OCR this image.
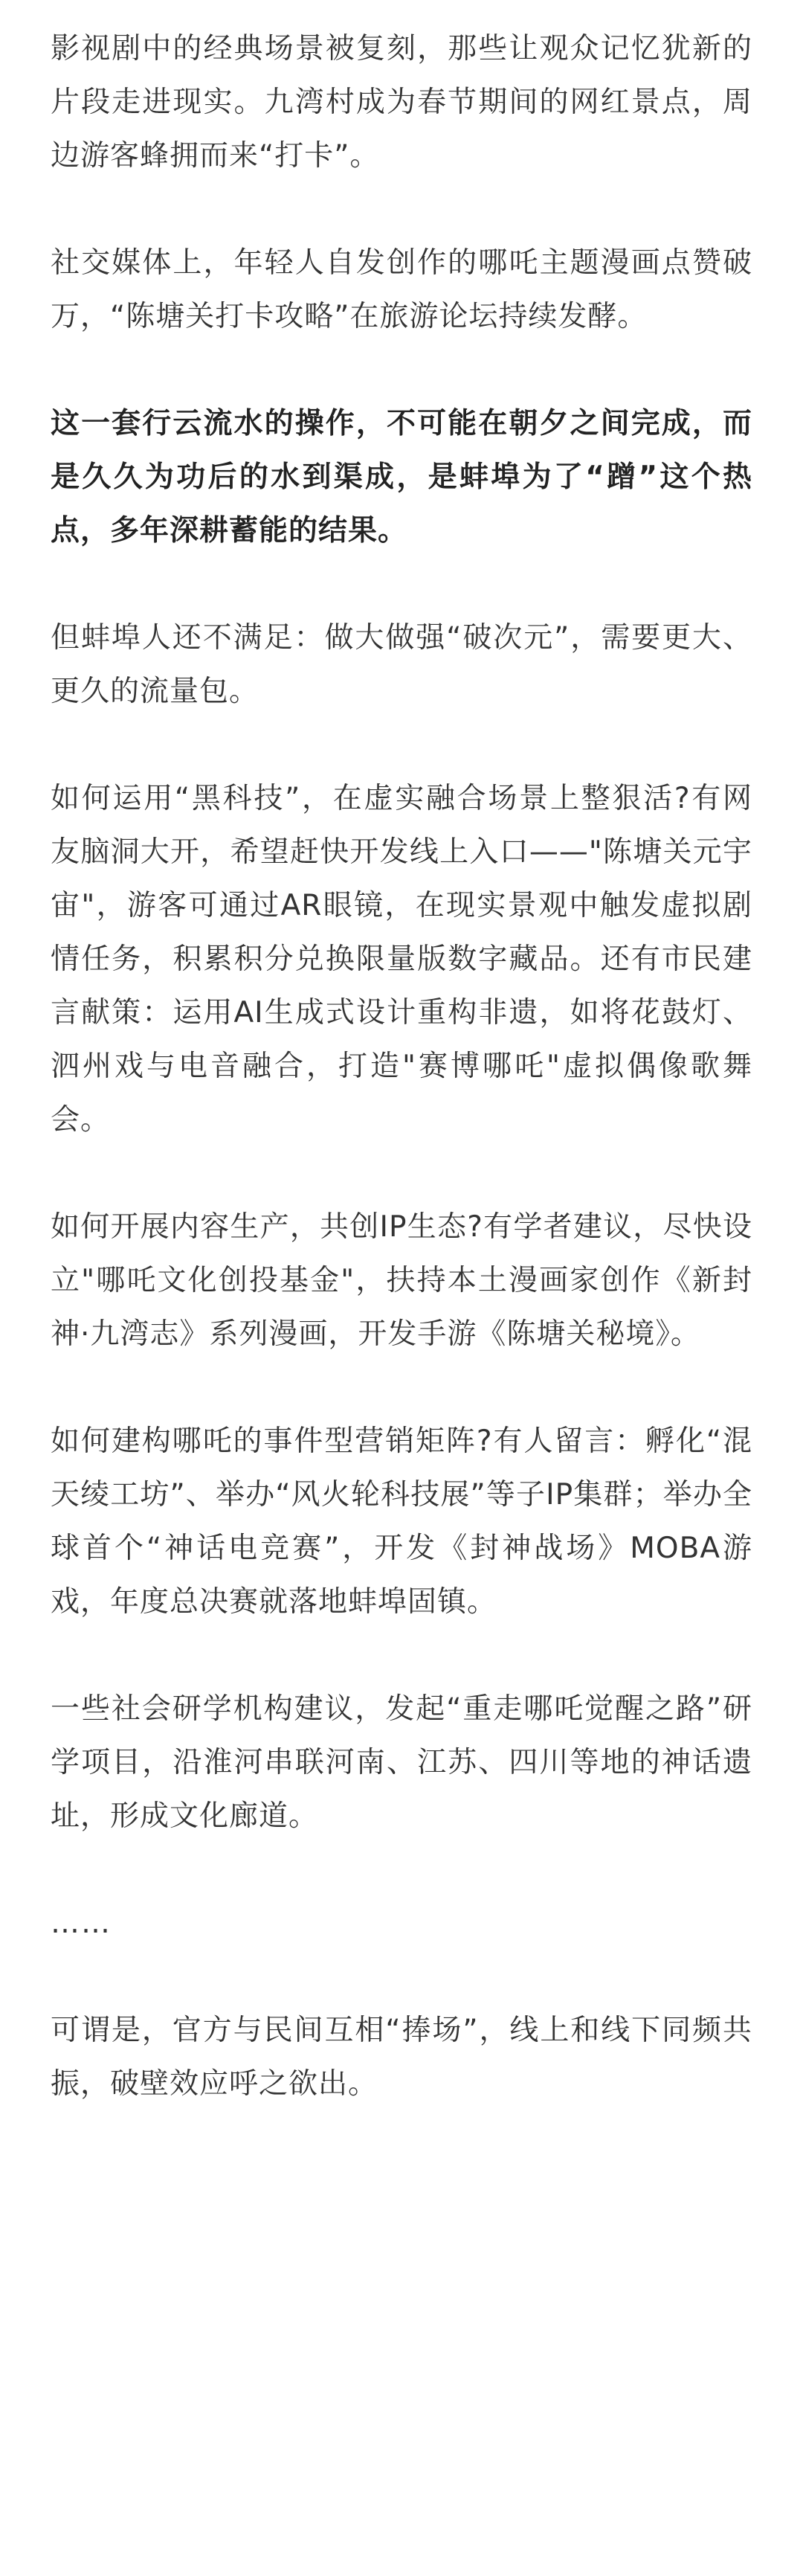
影视剧中的经典场景被复刻，那些让观众记忆犹新的片段走进现实。九湾村成为春节期间的网红景点，周边游客蜂拥而来“打卡”。

社交媒体上，年轻人自发创作的哪吒主题漫画点赞破万，“陈塘关打卡攻略”在旅游论坛持续发酵。

这一套行云流水的操作，不可能在朝夕之间完成，而是久久为功后的水到渠成，是蚌埠为了“蹭”这个热点，多年深耕蓄能的结果。

但蚌埠人还不满足：做大做强“破次元”，需要更大、更久的流量包。

如何运用“黑科技”，在虚实融合场景上整狠活?有网友脑洞大开，希望赶快开发线上入口——"陈塘关元宇宙"，游客可通过AR眼镜，在现实景观中触发虚拟剧情任务，积累积分兑换限量版数字藏品。还有市民建言献策：运用AI生成式设计重构非遗，如将花鼓灯、泗州戏与电音融合，打造"赛博哪吒"虚拟偶像歌舞会。

如何开展内容生产，共创IP生态?有学者建议，尽快设立"哪吒文化创投基金"，扶持本土漫画家创作《新封神·九湾志》系列漫画，开发手游《陈塘关秘境》。

如何建构哪吒的事件型营销矩阵?有人留言：孵化“混天绫工坊”、举办“风火轮科技展”等子IP集群；举办全球首个“神话电竞赛”，开发《封神战场》MOBA游戏，年度总决赛就落地蚌埠固镇。

一些社会研学机构建议，发起“重走哪吒觉醒之路”研学项目，沿淮河串联河南、江苏、四川等地的神话遗址，形成文化廊道。

……

可谓是，官方与民间互相“捧场”，线上和线下同频共振，破壁效应呼之欲出。
